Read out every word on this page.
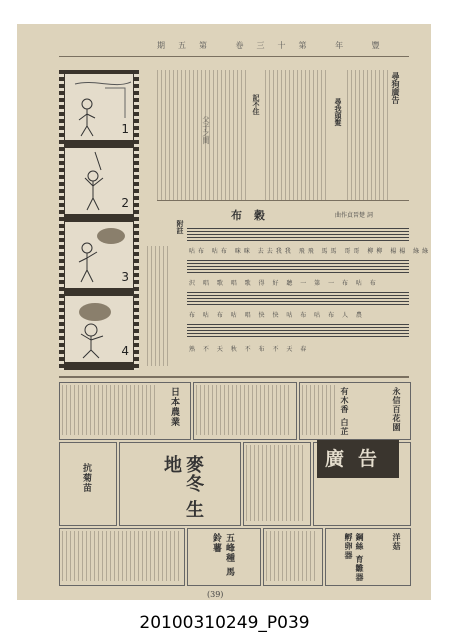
期五第 卷三十第 年 豐
尋狗廣告
尋我頭髮
記不住
1
2
3
4
布穀	曲作貞晉楚 詞
附註
咕布 咕布 咪咪 去去我我 飛飛 馬馬 哥哥 柳柳 楊楊 綠綠
沢 唱 歌 唱 歌 得 好 聽 一 第 一 布 咕 布
布 咕 布 咕 唱 快 快 咕 布 咕 布 人 農
熟 不 天 秋 不 布 不 天 春
日本農業	永信百花園
有木香 白芷
抗菊苗	麥冬 生地	廣告
五峰種 馬鈴薯	洋菇
鋼絲 育雛器 孵卵器
(39)
20100310249_P039
